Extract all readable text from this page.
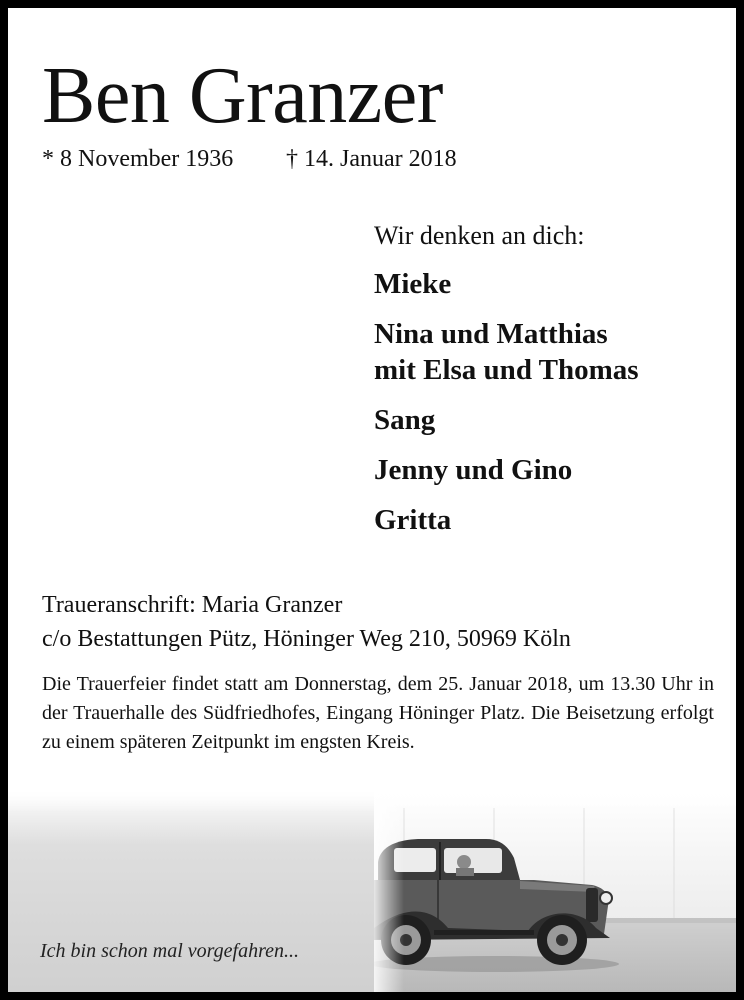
Ben Granzer
* 8 November 1936 † 14. Januar 2018

Wir denken an dich:

Mieke

Nina und Matthias
mit Elsa und Thomas

Sang

Jenny und Gino

Gritta

Traueranschrift: Maria Granzer
c/o Bestattungen Pütz, Höninger Weg 210, 50969 Köln

Die Trauerfeier findet statt am Donnerstag, dem 25. Januar 2018, um 13.30 Uhr in der Trauerhalle des Südfriedhofes, Eingang Höninger Platz. Die Beisetzung erfolgt zu einem späteren Zeitpunkt im engsten Kreis.

Ich bin schon mal vorgefahren...
